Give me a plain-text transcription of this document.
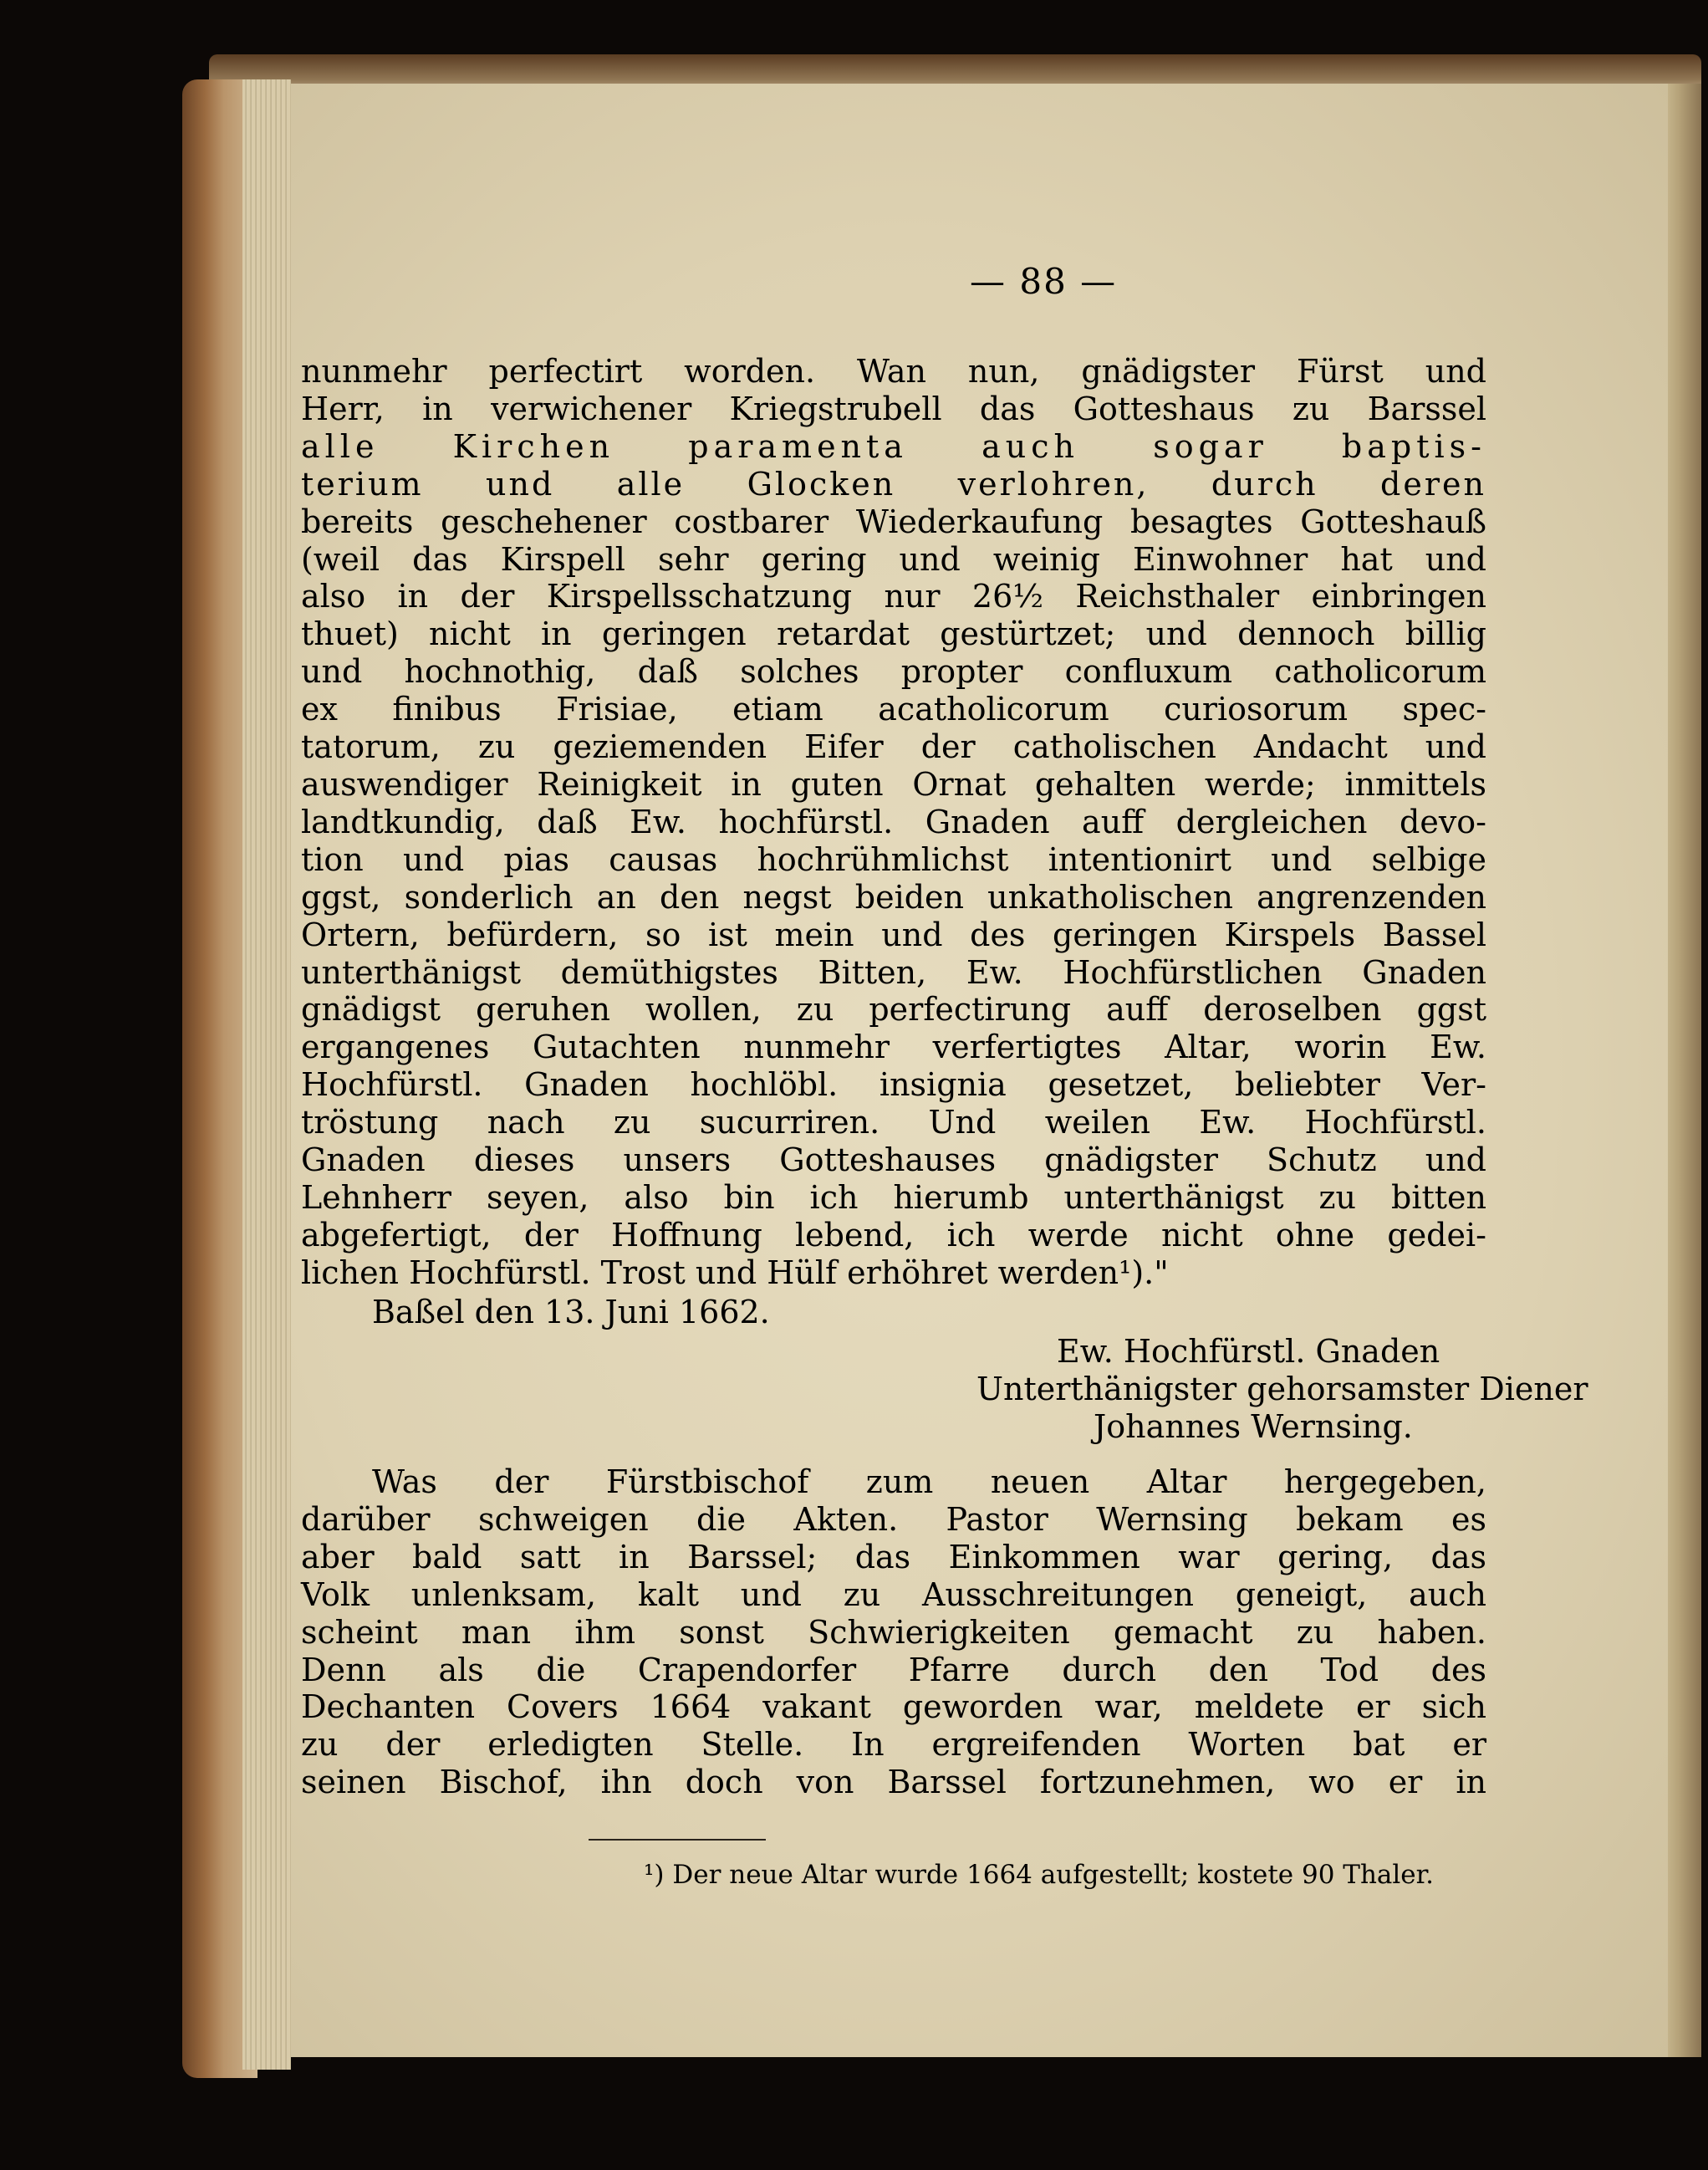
— 88 —
nunmehr perfectirt worden. Wan nun, gnädigster Fürst und
Herr, in verwichener Kriegstrubell das Gotteshaus zu Barssel
alle Kirchen paramenta auch sogar baptis-
terium und alle Glocken verlohren, durch deren
bereits geschehener costbarer Wiederkaufung besagtes Gotteshauß
(weil das Kirspell sehr gering und weinig Einwohner hat und
also in der Kirspellsschatzung nur 26½ Reichsthaler einbringen
thuet) nicht in geringen retardat gestürtzet; und dennoch billig
und hochnothig, daß solches propter confluxum catholicorum
ex finibus Frisiae, etiam acatholicorum curiosorum spec-
tatorum, zu geziemenden Eifer der catholischen Andacht und
auswendiger Reinigkeit in guten Ornat gehalten werde; inmittels
landtkundig, daß Ew. hochfürstl. Gnaden auff dergleichen devo-
tion und pias causas hochrühmlichst intentionirt und selbige
ggst, sonderlich an den negst beiden unkatholischen angrenzenden
Ortern, befürdern, so ist mein und des geringen Kirspels Bassel
unterthänigst demüthigstes Bitten, Ew. Hochfürstlichen Gnaden
gnädigst geruhen wollen, zu perfectirung auff deroselben ggst
ergangenes Gutachten nunmehr verfertigtes Altar, worin Ew.
Hochfürstl. Gnaden hochlöbl. insignia gesetzet, beliebter Ver-
tröstung nach zu sucurriren. Und weilen Ew. Hochfürstl.
Gnaden dieses unsers Gotteshauses gnädigster Schutz und
Lehnherr seyen, also bin ich hierumb unterthänigst zu bitten
abgefertigt, der Hoffnung lebend, ich werde nicht ohne gedei-
lichen Hochfürstl. Trost und Hülf erhöhret werden¹)."
Baßel den 13. Juni 1662.
Ew. Hochfürstl. Gnaden
Unterthänigster gehorsamster Diener
Johannes Wernsing.
Was der Fürstbischof zum neuen Altar hergegeben,
darüber schweigen die Akten. Pastor Wernsing bekam es
aber bald satt in Barssel; das Einkommen war gering, das
Volk unlenksam, kalt und zu Ausschreitungen geneigt, auch
scheint man ihm sonst Schwierigkeiten gemacht zu haben.
Denn als die Crapendorfer Pfarre durch den Tod des
Dechanten Covers 1664 vakant geworden war, meldete er sich
zu der erledigten Stelle. In ergreifenden Worten bat er
seinen Bischof, ihn doch von Barssel fortzunehmen, wo er in
¹) Der neue Altar wurde 1664 aufgestellt; kostete 90 Thaler.
